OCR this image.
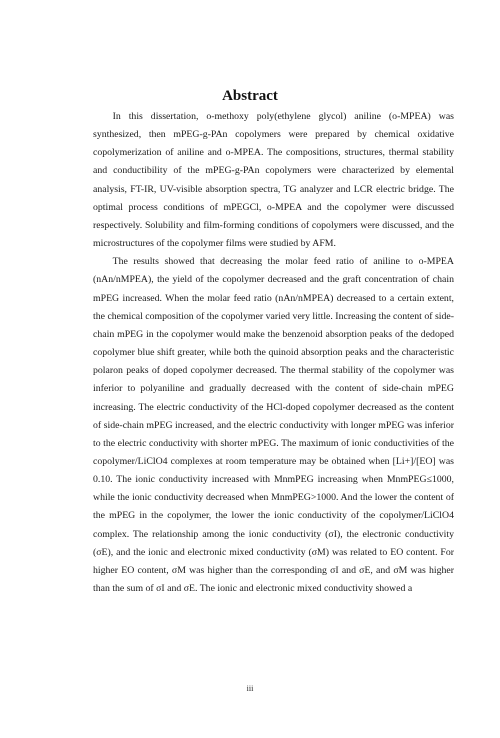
Abstract

In this dissertation, o-methoxy poly(ethylene glycol) aniline (o-MPEA) was synthesized, then mPEG-g-PAn copolymers were prepared by chemical oxidative copolymerization of aniline and o-MPEA. The compositions, structures, thermal stability and conductibility of the mPEG-g-PAn copolymers were characterized by elemental analysis, FT-IR, UV-visible absorption spectra, TG analyzer and LCR electric bridge. The optimal process conditions of mPEGCl, o-MPEA and the copolymer were discussed respectively. Solubility and film-forming conditions of copolymers were discussed, and the microstructures of the copolymer films were studied by AFM.

The results showed that decreasing the molar feed ratio of aniline to o-MPEA (nAn/nMPEA), the yield of the copolymer decreased and the graft concentration of chain mPEG increased. When the molar feed ratio (nAn/nMPEA) decreased to a certain extent, the chemical composition of the copolymer varied very little. Increasing the content of side-chain mPEG in the copolymer would make the benzenoid absorption peaks of the dedoped copolymer blue shift greater, while both the quinoid absorption peaks and the characteristic polaron peaks of doped copolymer decreased. The thermal stability of the copolymer was inferior to polyaniline and gradually decreased with the content of side-chain mPEG increasing. The electric conductivity of the HCl-doped copolymer decreased as the content of side-chain mPEG increased, and the electric conductivity with longer mPEG was inferior to the electric conductivity with shorter mPEG. The maximum of ionic conductivities of the copolymer/LiClO4 complexes at room temperature may be obtained when [Li+]/[EO] was 0.10. The ionic conductivity increased with MnmPEG increasing when MnmPEG≤1000, while the ionic conductivity decreased when MnmPEG>1000. And the lower the content of the mPEG in the copolymer, the lower the ionic conductivity of the copolymer/LiClO4 complex. The relationship among the ionic conductivity (σI), the electronic conductivity (σE), and the ionic and electronic mixed conductivity (σM) was related to EO content. For higher EO content, σM was higher than the corresponding σI and σE, and σM was higher than the sum of σI and σE. The ionic and electronic mixed conductivity showed a

iii
